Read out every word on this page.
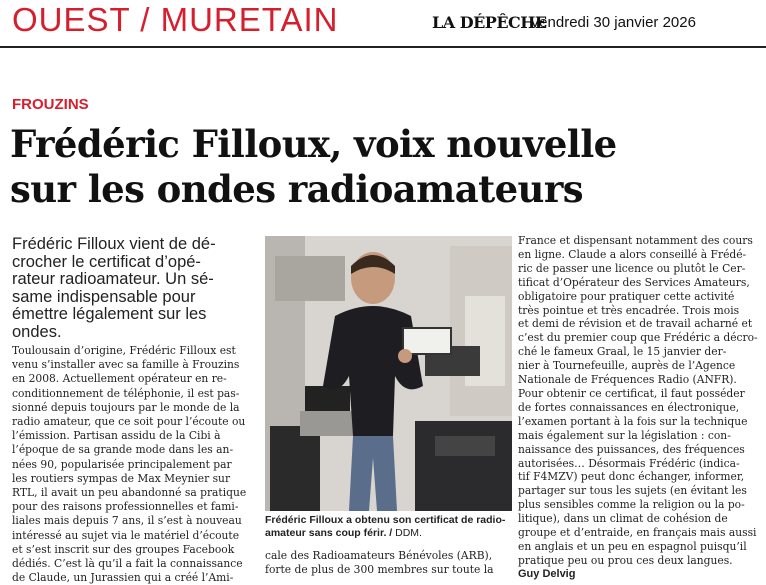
OUEST / MURETAIN	LA DÉPÊCHE
Vendredi 30 janvier 2026
FROUZINS
Frédéric Filloux, voix nouvelle
sur les ondes radioamateurs
Frédéric Filloux vient de dé-
crocher le certificat d’opé-
rateur radioamateur. Un sé-
same indispensable pour
émettre légalement sur les
ondes.
Toulousain d’origine, Frédéric Filloux est
venu s’installer avec sa famille à Frouzins
en 2008. Actuellement opérateur en re-
conditionnement de téléphonie, il est pas-
sionné depuis toujours par le monde de la
radio amateur, que ce soit pour l’écoute ou
l’émission. Partisan assidu de la Cibi à
l’époque de sa grande mode dans les an-
nées 90, popularisée principalement par
les routiers sympas de Max Meynier sur
RTL, il avait un peu abandonné sa pratique
pour des raisons professionnelles et fami-
liales mais depuis 7 ans, il s’est à nouveau
intéressé au sujet via le matériel d’écoute
et s’est inscrit sur des groupes Facebook
dédiés. C’est là qu’il a fait la connaissance
de Claude, un Jurassien qui a créé l’Ami-
Frédéric Filloux a obtenu son certificat de radio-
amateur sans coup férir. / DDM.
cale des Radioamateurs Bénévoles (ARB),
forte de plus de 300 membres sur toute la
France et dispensant notamment des cours
en ligne. Claude a alors conseillé à Frédé-
ric de passer une licence ou plutôt le Cer-
tificat d’Opérateur des Services Amateurs,
obligatoire pour pratiquer cette activité
très pointue et très encadrée. Trois mois
et demi de révision et de travail acharné et
c’est du premier coup que Frédéric a décro-
ché le fameux Graal, le 15 janvier der-
nier à Tournefeuille, auprès de l’Agence
Nationale de Fréquences Radio (ANFR).
Pour obtenir ce certificat, il faut posséder
de fortes connaissances en électronique,
l’examen portant à la fois sur la technique
mais également sur la législation : con-
naissance des puissances, des fréquences
autorisées… Désormais Frédéric (indica-
tif F4MZV) peut donc échanger, informer,
partager sur tous les sujets (en évitant les
plus sensibles comme la religion ou la po-
litique), dans un climat de cohésion de
groupe et d’entraide, en français mais aussi
en anglais et un peu en espagnol puisqu’il
pratique peu ou prou ces deux langues.
Guy Delvig
